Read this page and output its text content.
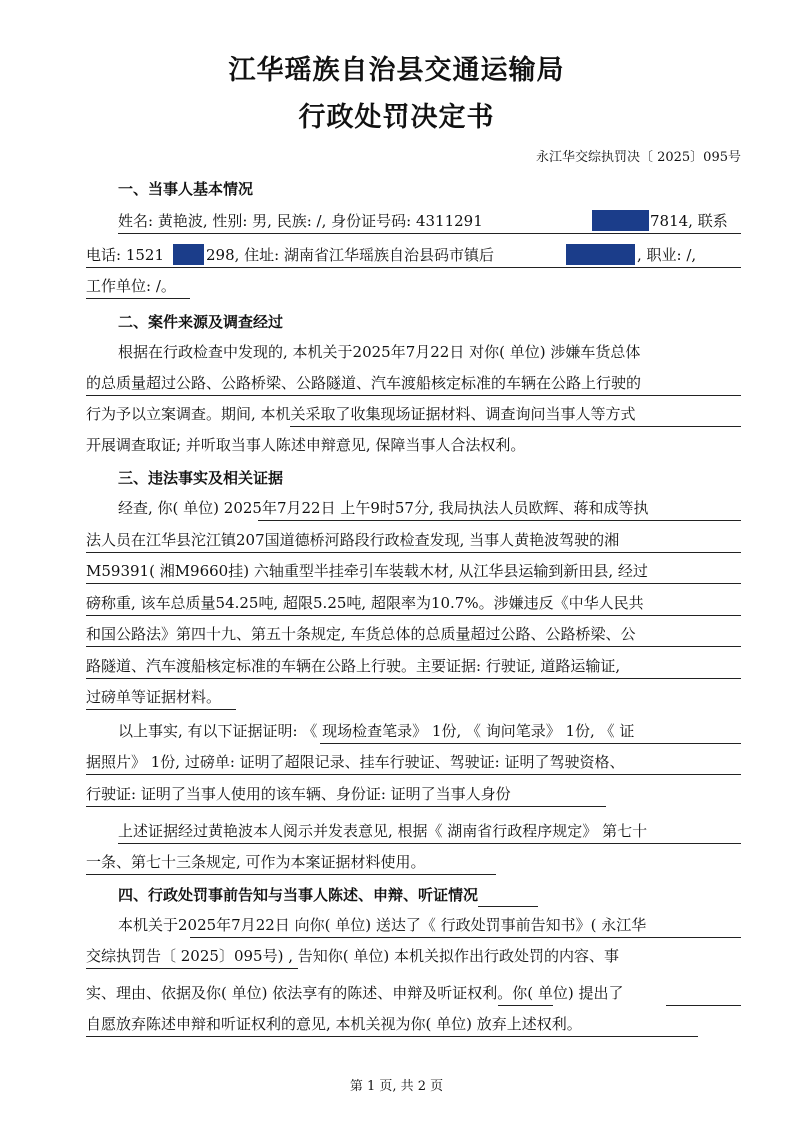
江华瑶族自治县交通运输局
行政处罚决定书
永江华交综执罚决〔 2025〕095号
一、当事人基本情况
姓名: 黄艳波, 性别: 男, 民族: /, 身份证号码: 4311291	7814, 联系
电话: 1521	298, 住址: 湖南省江华瑶族自治县码市镇后	, 职业: /,
工作单位: /。
二、案件来源及调查经过
根据在行政检查中发现的, 本机关于2025年7月22日 对你( 单位) 涉嫌车货总体
的总质量超过公路、公路桥梁、公路隧道、汽车渡船核定标准的车辆在公路上行驶的
行为予以立案调查。期间, 本机关采取了收集现场证据材料、调查询问当事人等方式
开展调查取证; 并听取当事人陈述申辩意见, 保障当事人合法权利。
三、违法事实及相关证据
经查, 你( 单位) 2025年7月22日 上午9时57分, 我局执法人员欧辉、蒋和成等执
法人员在江华县沱江镇207国道德桥河路段行政检查发现, 当事人黄艳波驾驶的湘
M59391( 湘M9660挂) 六轴重型半挂牵引车装载木材, 从江华县运输到新田县, 经过
磅称重, 该车总质量54.25吨, 超限5.25吨, 超限率为10.7%。涉嫌违反《中华人民共
和国公路法》第四十九、第五十条规定, 车货总体的总质量超过公路、公路桥梁、公
路隧道、汽车渡船核定标准的车辆在公路上行驶。主要证据: 行驶证, 道路运输证,
过磅单等证据材料。
以上事实, 有以下证据证明: 《 现场检查笔录》 1份, 《 询问笔录》 1份, 《 证
据照片》 1份, 过磅单: 证明了超限记录、挂车行驶证、驾驶证: 证明了驾驶资格、
行驶证: 证明了当事人使用的该车辆、身份证: 证明了当事人身份
上述证据经过黄艳波本人阅示并发表意见, 根据《 湖南省行政程序规定》 第七十
一条、第七十三条规定, 可作为本案证据材料使用。
四、行政处罚事前告知与当事人陈述、申辩、听证情况
本机关于2025年7月22日 向你( 单位) 送达了《 行政处罚事前告知书》( 永江华
交综执罚告〔 2025〕095号) , 告知你( 单位) 本机关拟作出行政处罚的内容、事
实、理由、依据及你( 单位) 依法享有的陈述、申辩及听证权利。你( 单位) 提出了
自愿放弃陈述申辩和听证权利的意见, 本机关视为你( 单位) 放弃上述权利。
第 1 页, 共 2 页
